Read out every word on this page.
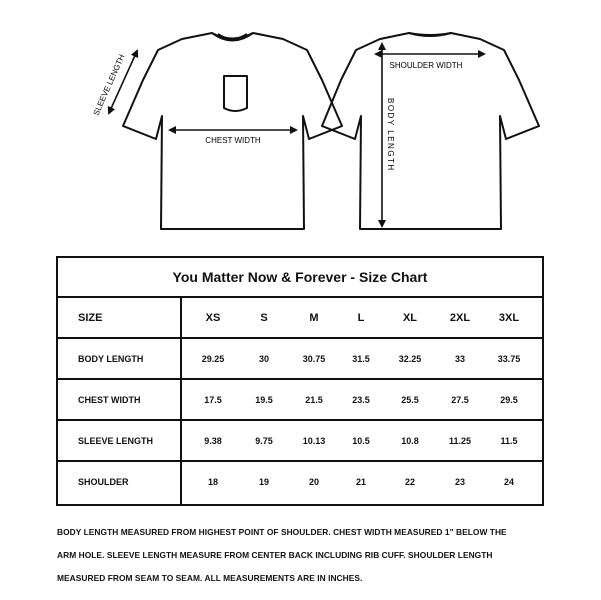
SLEEVE LENGTH
CHEST WIDTH
SHOULDER WIDTH
BODY LENGTH
You Matter Now & Forever - Size Chart
SIZE	XS	S	M	L	XL	2XL	3XL
BODY LENGTH	29.25	30	30.75	31.5	32.25	33	33.75
CHEST WIDTH	17.5	19.5	21.5	23.5	25.5	27.5	29.5
SLEEVE LENGTH	9.38	9.75	10.13	10.5	10.8	11.25	11.5
SHOULDER	18	19	20	21	22	23	24
BODY LENGTH MEASURED FROM HIGHEST POINT OF SHOULDER. CHEST WIDTH MEASURED 1" BELOW THE
ARM HOLE. SLEEVE LENGTH MEASURE FROM CENTER BACK INCLUDING RIB CUFF. SHOULDER LENGTH
MEASURED FROM SEAM TO SEAM. ALL MEASUREMENTS ARE IN INCHES.
